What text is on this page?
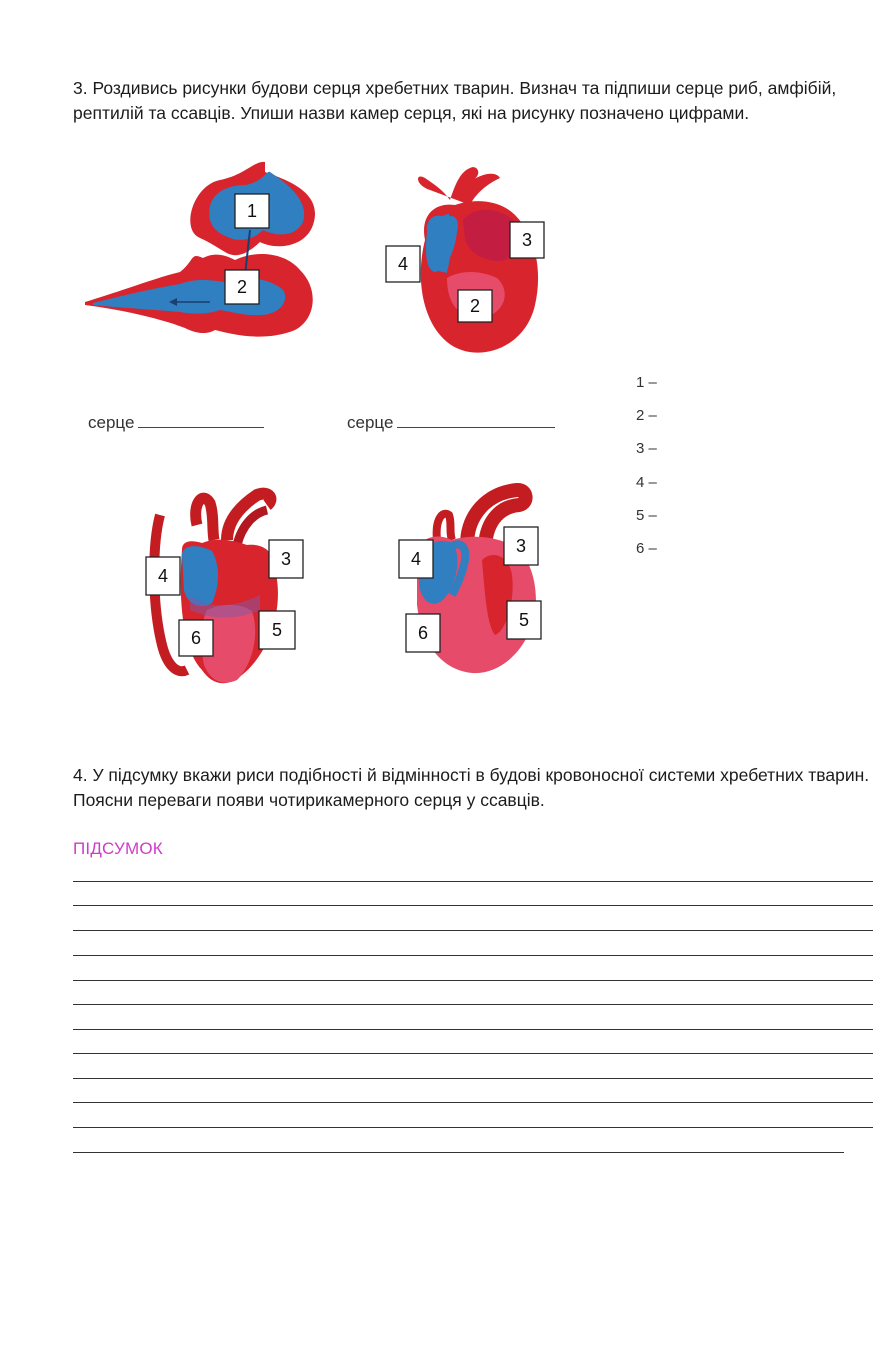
3. Роздивись рисунки будови серця хребетних тварин. Визнач та підпиши серце риб, амфібій, рептилій та ссавців. Упиши назви камер серця, які на рисунку позначено цифрами.
1
2
3
4
2
серце	серце
1 –
2 –
3 –
4 –
5 –
6 –
4
3
6	5
4
3
6
5
4. У підсумку вкажи риси подібності й відмінності в будові кровоносної системи хребетних тварин. Поясни переваги появи чотирикамерного серця у ссавців.
ПІДСУМОК
